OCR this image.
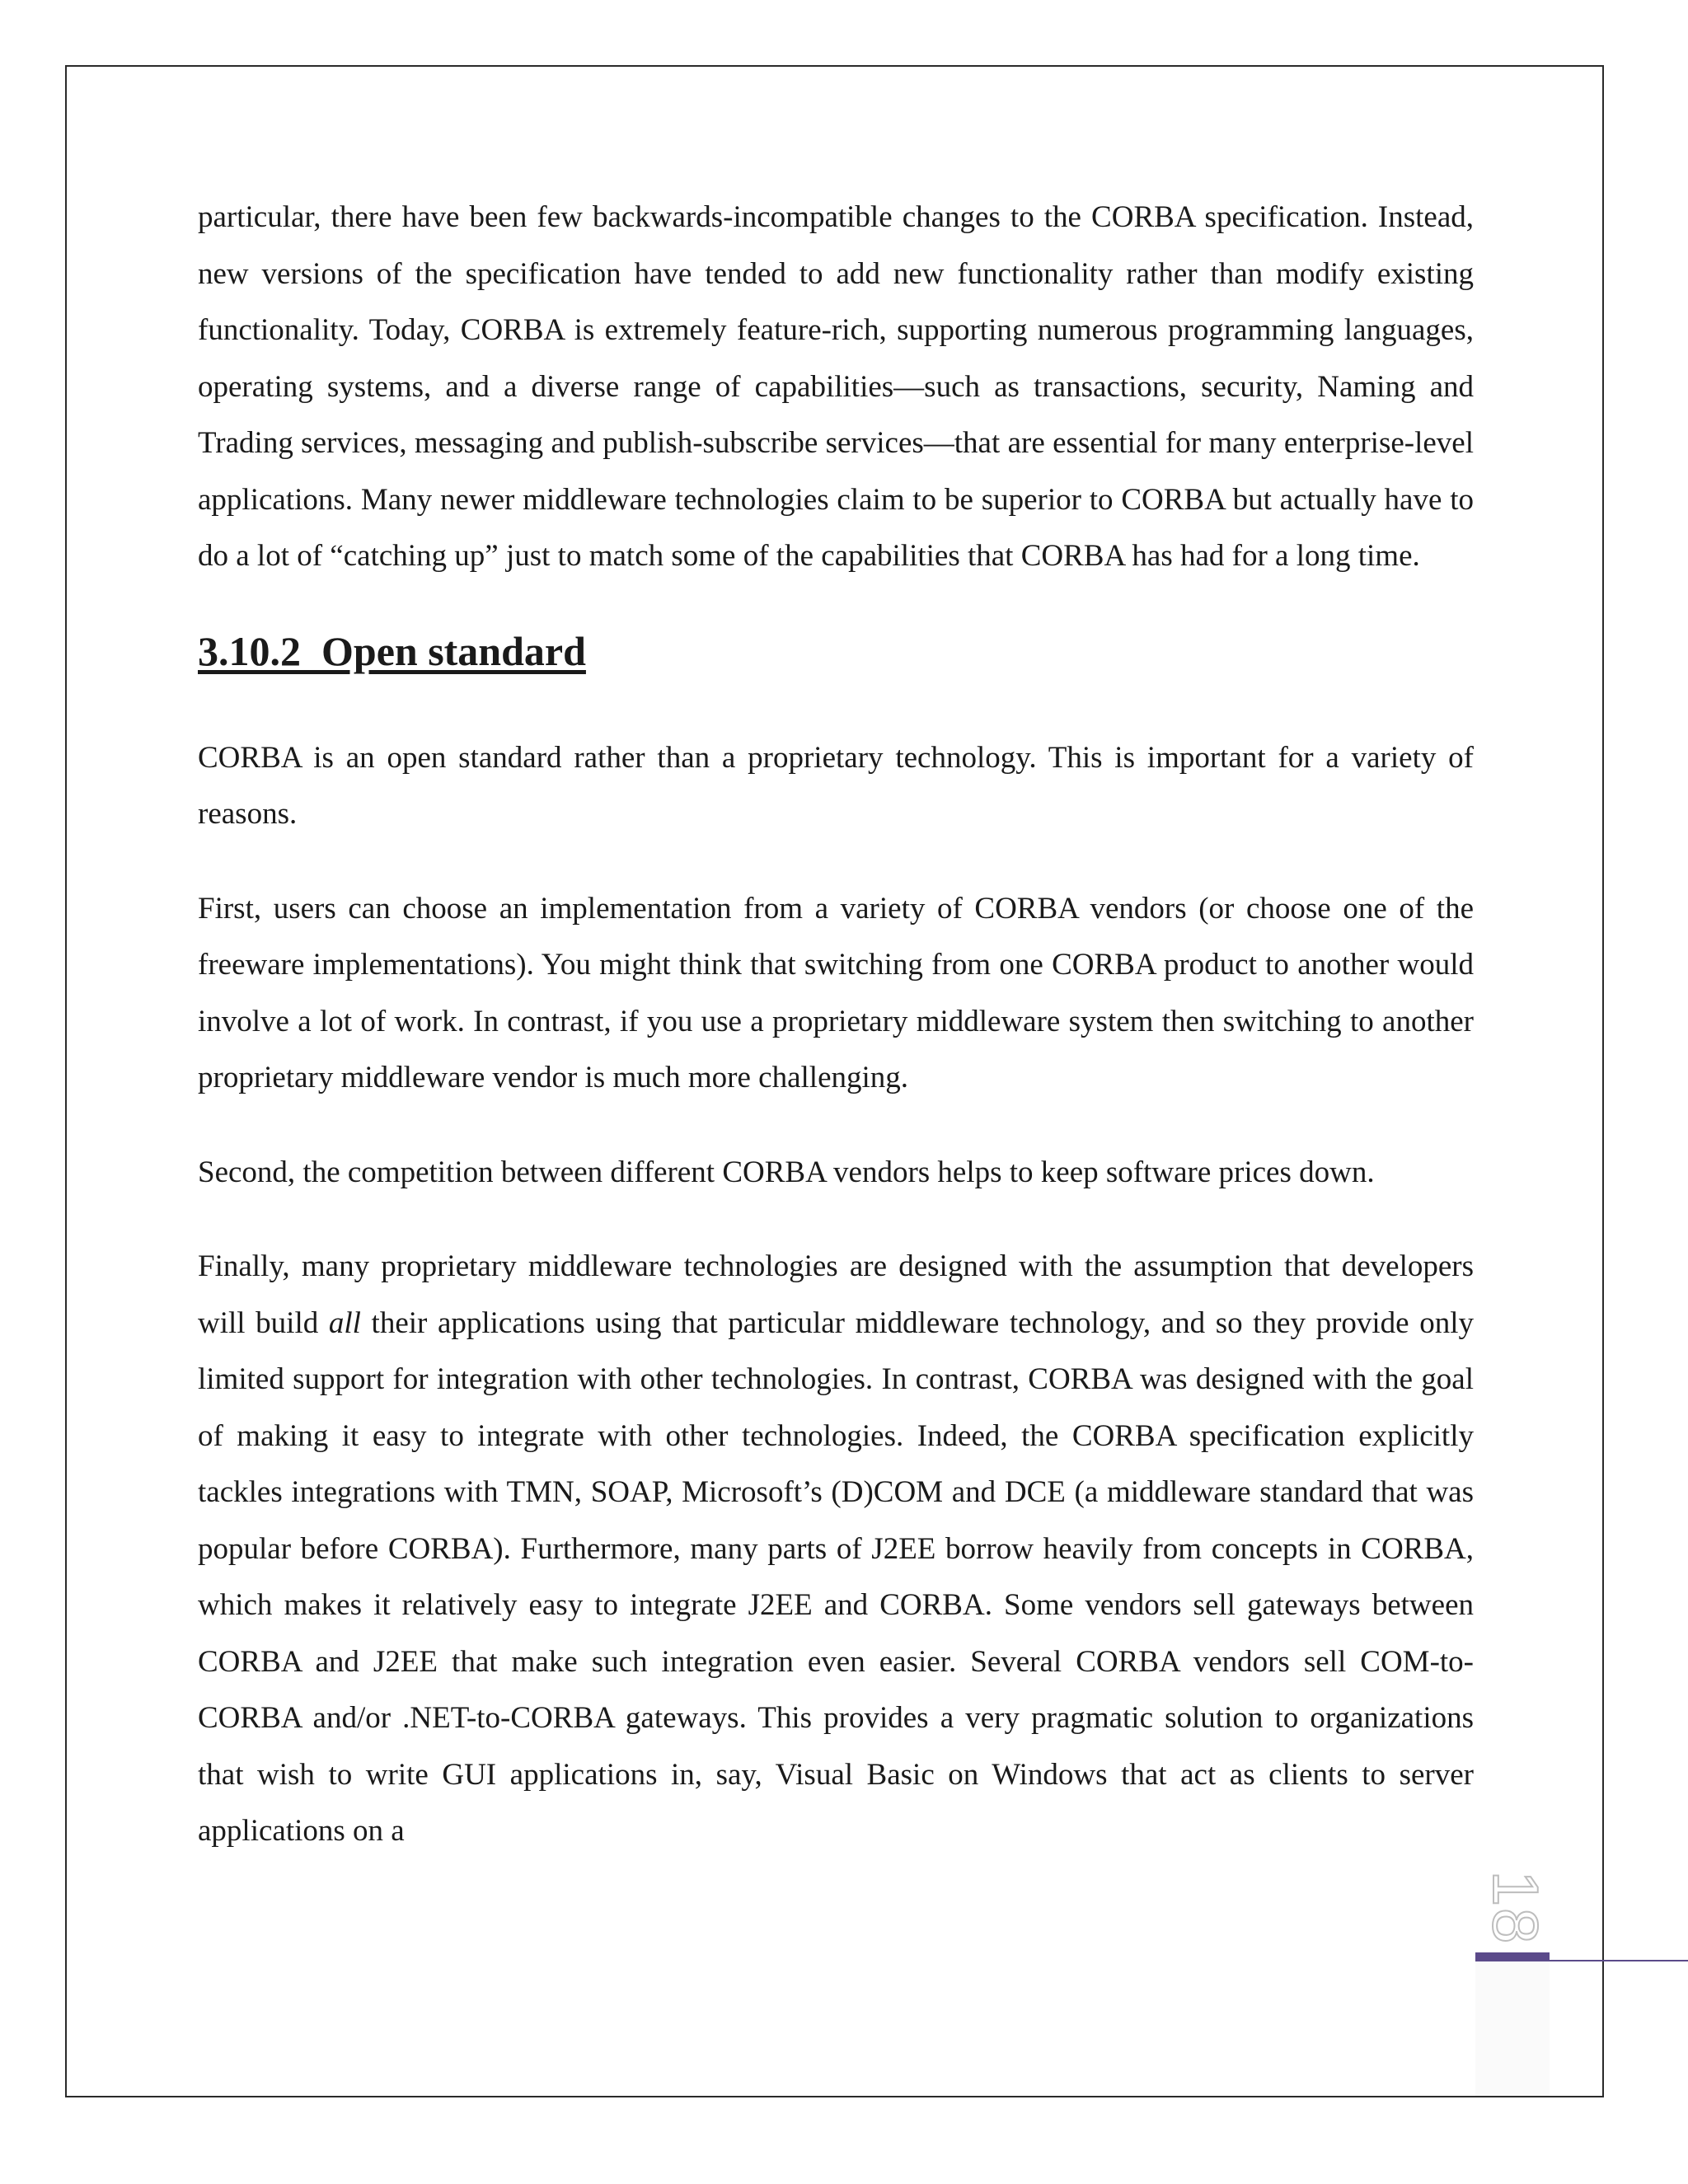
particular, there have been few backwards-incompatible changes to the CORBA specification. Instead, new versions of the specification have tended to add new functionality rather than modify existing functionality. Today, CORBA is extremely feature-rich, supporting numerous programming languages, operating systems, and a diverse range of capabilities—such as transactions, security, Naming and Trading services, messaging and publish-subscribe services—that are essential for many enterprise-level applications. Many newer middleware technologies claim to be superior to CORBA but actually have to do a lot of “catching up” just to match some of the capabilities that CORBA has had for a long time.

3.10.2  Open standard

CORBA is an open standard rather than a proprietary technology. This is important for a variety of reasons.

First, users can choose an implementation from a variety of CORBA vendors (or choose one of the freeware implementations). You might think that switching from one CORBA product to another would involve a lot of work. In contrast, if you use a proprietary middleware system then switching to another proprietary middleware vendor is much more challenging.

Second, the competition between different CORBA vendors helps to keep software prices down.

Finally, many proprietary middleware technologies are designed with the assumption that developers will build all their applications using that particular middleware technology, and so they provide only limited support for integration with other technologies. In contrast, CORBA was designed with the goal of making it easy to integrate with other technologies. Indeed, the CORBA specification explicitly tackles integrations with TMN, SOAP, Microsoft’s (D)COM and DCE (a middleware standard that was popular before CORBA). Furthermore, many parts of J2EE borrow heavily from concepts in CORBA, which makes it relatively easy to integrate J2EE and CORBA. Some vendors sell gateways between CORBA and J2EE that make such integration even easier. Several CORBA vendors sell COM-to-CORBA and/or .NET-to-CORBA gateways. This provides a very pragmatic solution to organizations that wish to write GUI applications in, say, Visual Basic on Windows that act as clients to server applications on a

18
